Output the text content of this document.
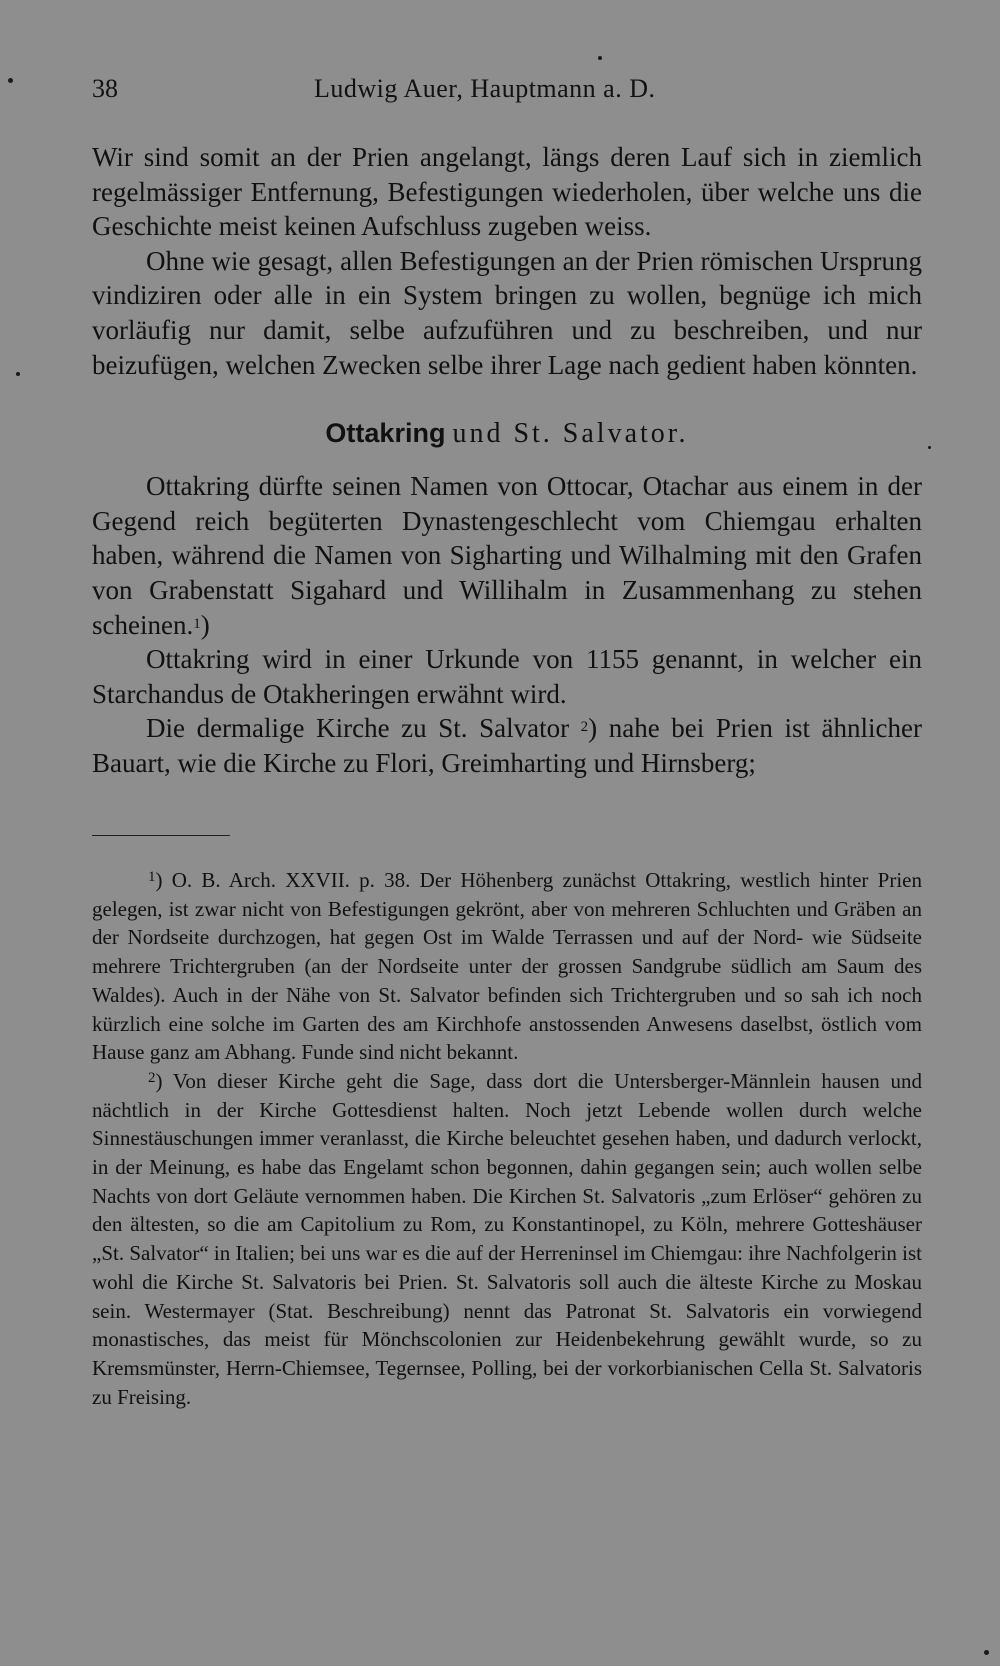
38	Ludwig Auer, Hauptmann a. D.

Wir sind somit an der Prien angelangt, längs deren Lauf sich in ziemlich regelmässiger Entfernung, Befestigungen wiederholen, über welche uns die Geschichte meist keinen Aufschluss zugeben weiss.

Ohne wie gesagt, allen Befestigungen an der Prien römischen Ursprung vindiziren oder alle in ein System bringen zu wollen, begnüge ich mich vorläufig nur damit, selbe aufzuführen und zu beschreiben, und nur beizufügen, welchen Zwecken selbe ihrer Lage nach gedient haben könnten.

Ottakring und St. Salvator.

Ottakring dürfte seinen Namen von Ottocar, Otachar aus einem in der Gegend reich begüterten Dynastengeschlecht vom Chiemgau erhalten haben, während die Namen von Sigharting und Wilhalming mit den Grafen von Grabenstatt Sigahard und Willihalm in Zusammenhang zu stehen scheinen.$^1$)

Ottakring wird in einer Urkunde von 1155 genannt, in welcher ein Starchandus de Otakheringen erwähnt wird.

Die dermalige Kirche zu St. Salvator $^2$) nahe bei Prien ist ähnlicher Bauart, wie die Kirche zu Flori, Greimharting und Hirnsberg;

$^1$) O. B. Arch. XXVII. p. 38. Der Höhenberg zunächst Ottakring, westlich hinter Prien gelegen, ist zwar nicht von Befestigungen gekrönt, aber von mehreren Schluchten und Gräben an der Nordseite durchzogen, hat gegen Ost im Walde Terrassen und auf der Nord- wie Südseite mehrere Trichtergruben (an der Nordseite unter der grossen Sandgrube südlich am Saum des Waldes). Auch in der Nähe von St. Salvator befinden sich Trichtergruben und so sah ich noch kürzlich eine solche im Garten des am Kirchhofe anstossenden Anwesens daselbst, östlich vom Hause ganz am Abhang. Funde sind nicht bekannt.

$^2$) Von dieser Kirche geht die Sage, dass dort die Untersberger-Männlein hausen und nächtlich in der Kirche Gottesdienst halten. Noch jetzt Lebende wollen durch welche Sinnestäuschungen immer veranlasst, die Kirche beleuchtet gesehen haben, und dadurch verlockt, in der Meinung, es habe das Engelamt schon begonnen, dahin gegangen sein; auch wollen selbe Nachts von dort Geläute vernommen haben. Die Kirchen St. Salvatoris „zum Erlöser“ gehören zu den ältesten, so die am Capitolium zu Rom, zu Konstantinopel, zu Köln, mehrere Gotteshäuser „St. Salvator“ in Italien; bei uns war es die auf der Herreninsel im Chiemgau: ihre Nachfolgerin ist wohl die Kirche St. Salvatoris bei Prien. St. Salvatoris soll auch die älteste Kirche zu Moskau sein. Westermayer (Stat. Beschreibung) nennt das Patronat St. Salvatoris ein vorwiegend monastisches, das meist für Mönchscolonien zur Heidenbekehrung gewählt wurde, so zu Kremsmünster, Herrn-Chiemsee, Tegernsee, Polling, bei der vorkorbianischen Cella St. Salvatoris zu Freising.
